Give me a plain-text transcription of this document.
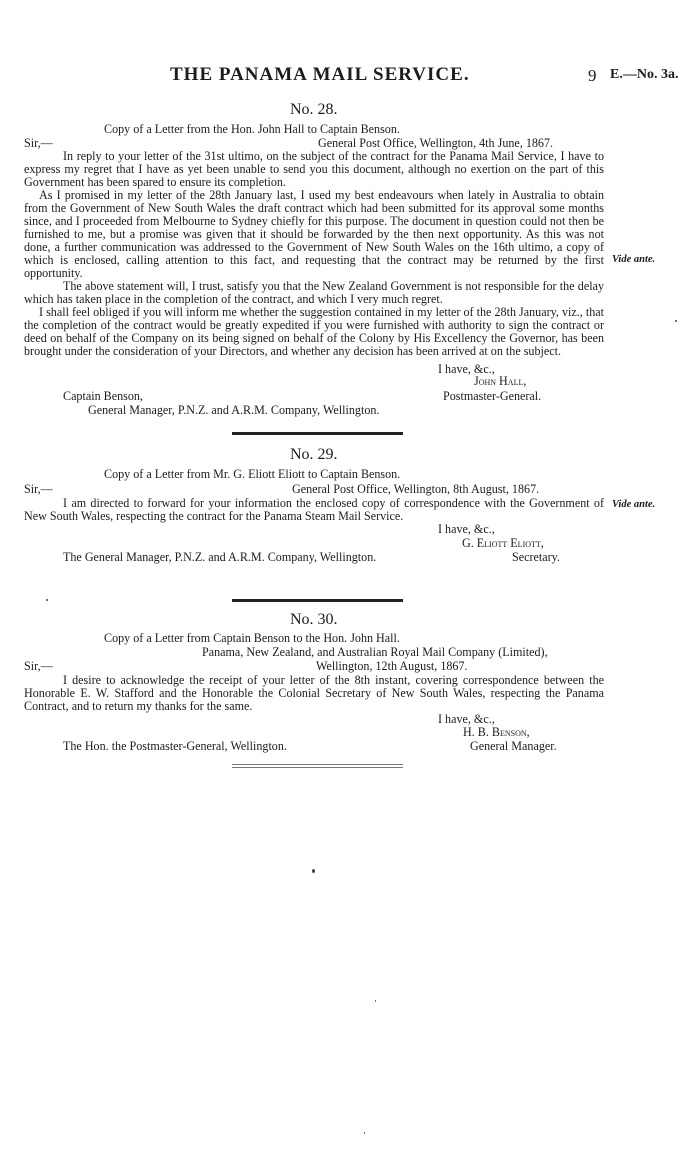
THE PANAMA MAIL SERVICE.	9 E.—No. 3a.
No. 28.
Copy of a Letter from the Hon. John Hall to Captain Benson.
Sir,—	General Post Office, Wellington, 4th June, 1867.

In reply to your letter of the 31st ultimo, on the subject of the contract for the Panama Mail Service, I have to express my regret that I have as yet been unable to send you this document, although no exertion on the part of this Government has been spared to ensure its completion.

As I promised in my letter of the 28th January last, I used my best endeavours when lately in Australia to obtain from the Government of New South Wales the draft contract which had been submitted for its approval some months since, and I proceeded from Melbourne to Sydney chiefly for this purpose. The document in question could not then be furnished to me, but a promise was given that it should be forwarded by the then next opportunity. As this was not done, a further communication was addressed to the Government of New South Wales on the 16th ultimo, a copy of which is enclosed, calling attention to this fact, and requesting that the contract may be returned by the first opportunity.

The above statement will, I trust, satisfy you that the New Zealand Government is not responsible for the delay which has taken place in the completion of the contract, and which I very much regret.

I shall feel obliged if you will inform me whether the suggestion contained in my letter of the 28th January, viz., that the completion of the contract would be greatly expedited if you were furnished with authority to sign the contract or deed on behalf of the Company on its being signed on behalf of the Colony by His Excellency the Governor, has been brought under the consideration of your Directors, and whether any decision has been arrived at on the subject.

Vide ante.
I have, &c.,
John Hall,
Captain Benson,	Postmaster-General.
General Manager, P.N.Z. and A.R.M. Company, Wellington.
No. 29.
Copy of a Letter from Mr. G. Eliott Eliott to Captain Benson.
Sir,—	General Post Office, Wellington, 8th August, 1867.

I am directed to forward for your information the enclosed copy of correspondence with the Government of New South Wales, respecting the contract for the Panama Steam Mail Service.

Vide ante.
I have, &c.,
G. Eliott Eliott,
The General Manager, P.N.Z. and A.R.M. Company, Wellington.	Secretary.
No. 30.
Copy of a Letter from Captain Benson to the Hon. John Hall.
Panama, New Zealand, and Australian Royal Mail Company (Limited),
Sir,—	Wellington, 12th August, 1867.

I desire to acknowledge the receipt of your letter of the 8th instant, covering correspondence between the Honorable E. W. Stafford and the Honorable the Colonial Secretary of New South Wales, respecting the Panama Contract, and to return my thanks for the same.

I have, &c.,
H. B. Benson,
The Hon. the Postmaster-General, Wellington.	General Manager.
